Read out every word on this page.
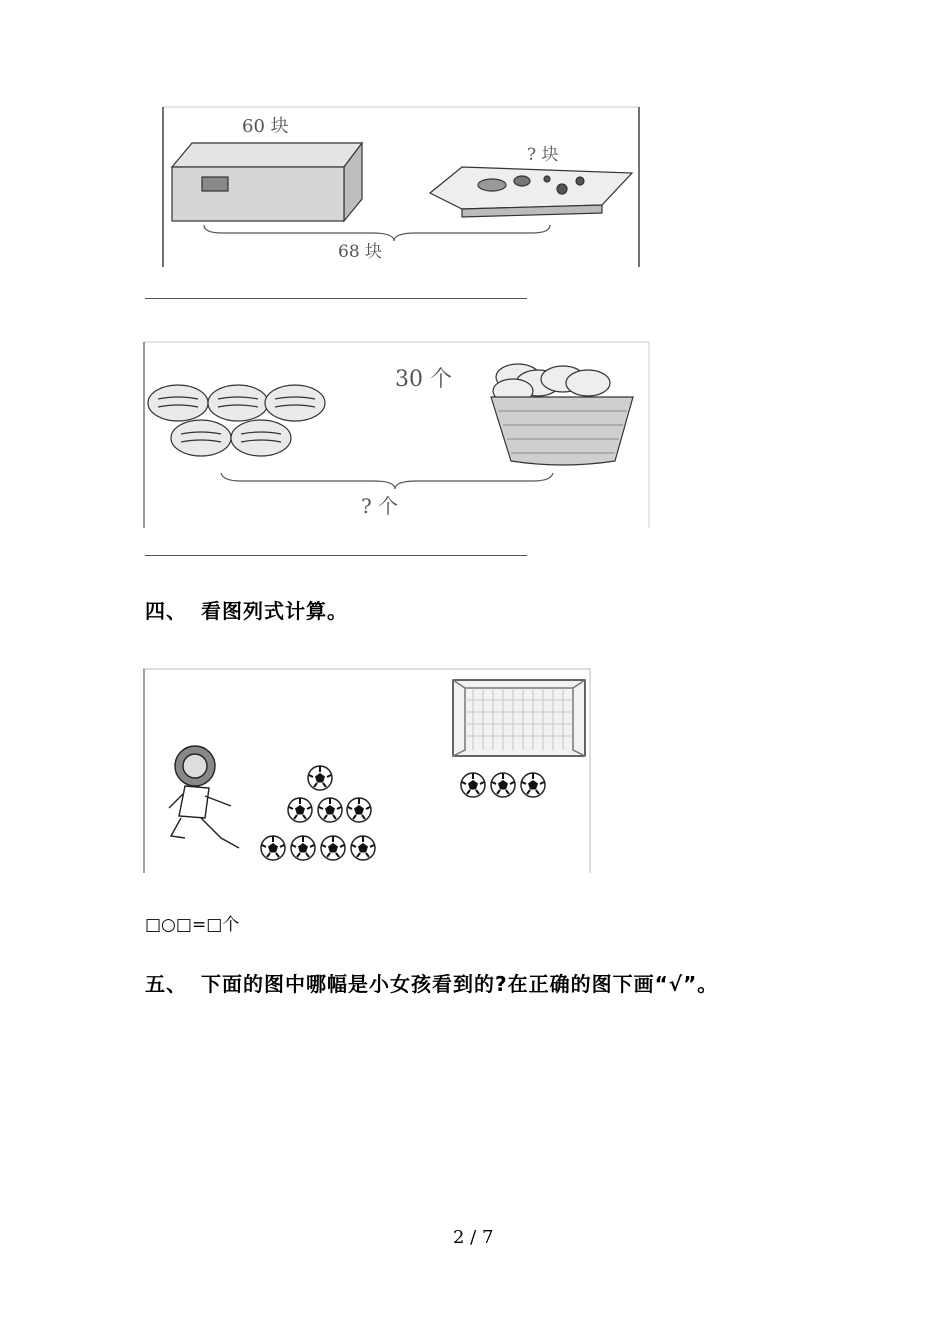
60 块
? 块
68 块
30 个
? 个
四、 看图列式计算。
□○□=□个
五、 下面的图中哪幅是小女孩看到的?在正确的图下画“√”。
2 / 7
